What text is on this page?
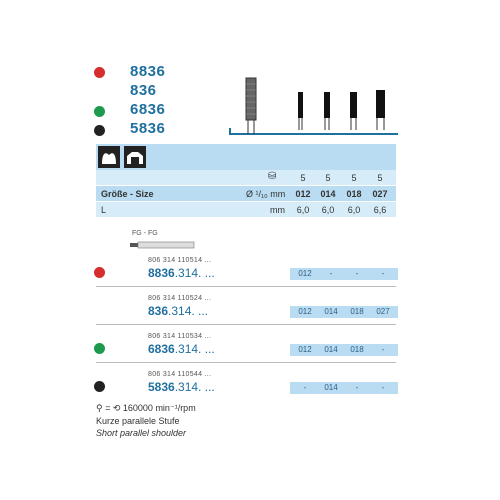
8836
836
6836
5836
⛁	5	5	5	5
Größe - Size	Ø ¹/₁₀ mm 012 014 018 027
L	mm	6,0	6,0	6,0	6,6
FG - FG
806 314 110514 ...
8836.314. ...	012	-	-	-
806 314 110524 ...
836.314. ...	012	014	018	027
806 314 110534 ...
6836.314. ...	012	014	018	-
806 314 110544 ...
5836.314. ...	-	014	-	-
⚲ = ⟲ 160000 min⁻¹/rpm
Kurze parallele Stufe
Short parallel shoulder
